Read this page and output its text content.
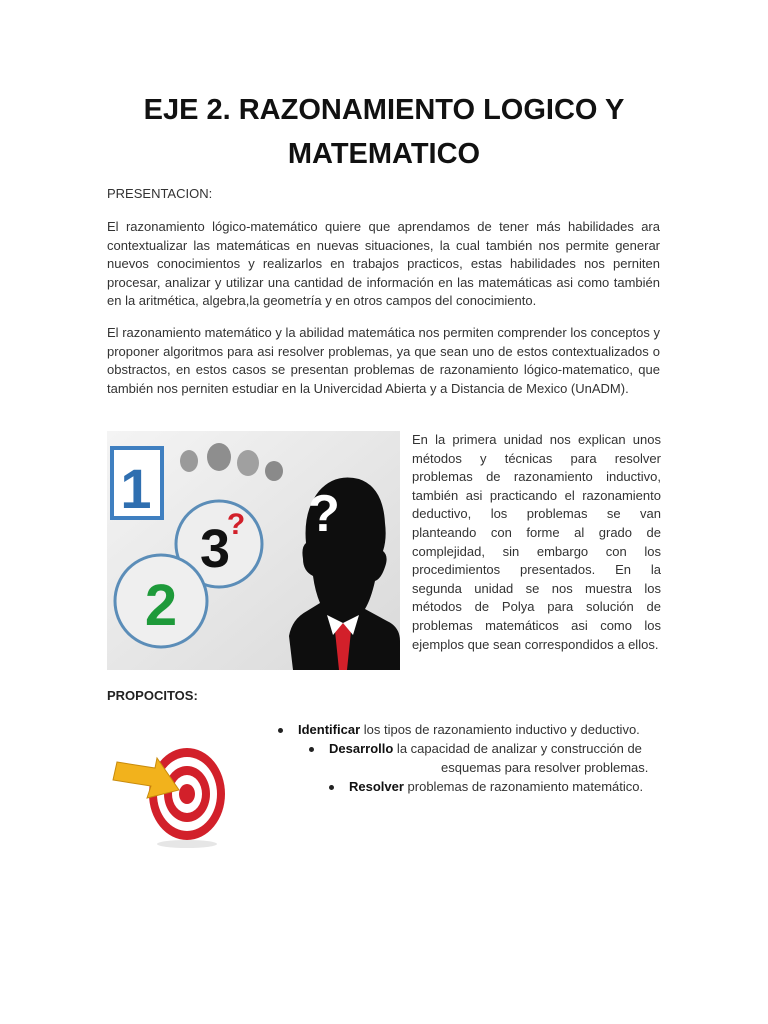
EJE 2. RAZONAMIENTO LOGICO Y
MATEMATICO
PRESENTACION:
El razonamiento lógico-matemático quiere que aprendamos de tener más habilidades ara contextualizar las matemáticas en nuevas situaciones, la cual también nos permite generar nuevos conocimientos y realizarlos en trabajos practicos, estas habilidades nos perniten procesar, analizar y utilizar una cantidad de información en las matemáticas asi como también en la aritmética, algebra,la geometría y en otros campos del conocimiento.
El razonamiento matemático y la abilidad matemática nos permiten comprender los conceptos y proponer algoritmos para asi resolver problemas, ya que sean uno de estos contextualizados o obstractos, en estos casos se presentan problemas de razonamiento lógico-matematico, que también nos perniten estudiar en la Univercidad Abierta y a Distancia de Mexico (UnADM).
1
3
?
2
?
En la primera unidad nos explican unos métodos y técnicas para resolver problemas de razonamiento inductivo, también asi practicando el razonamiento deductivo, los problemas se van planteando con forme al grado de complejidad, sin embargo con los procedimientos presentados. En la segunda unidad se nos muestra los métodos de Polya para solución de problemas matemáticos asi como los ejemplos que sean correspondidos a ellos.
PROPOCITOS:
Identificar los tipos de razonamiento inductivo y deductivo.
Desarrollo la capacidad de analizar y construcción de
esquemas para resolver problemas.
Resolver problemas de razonamiento matemático.
